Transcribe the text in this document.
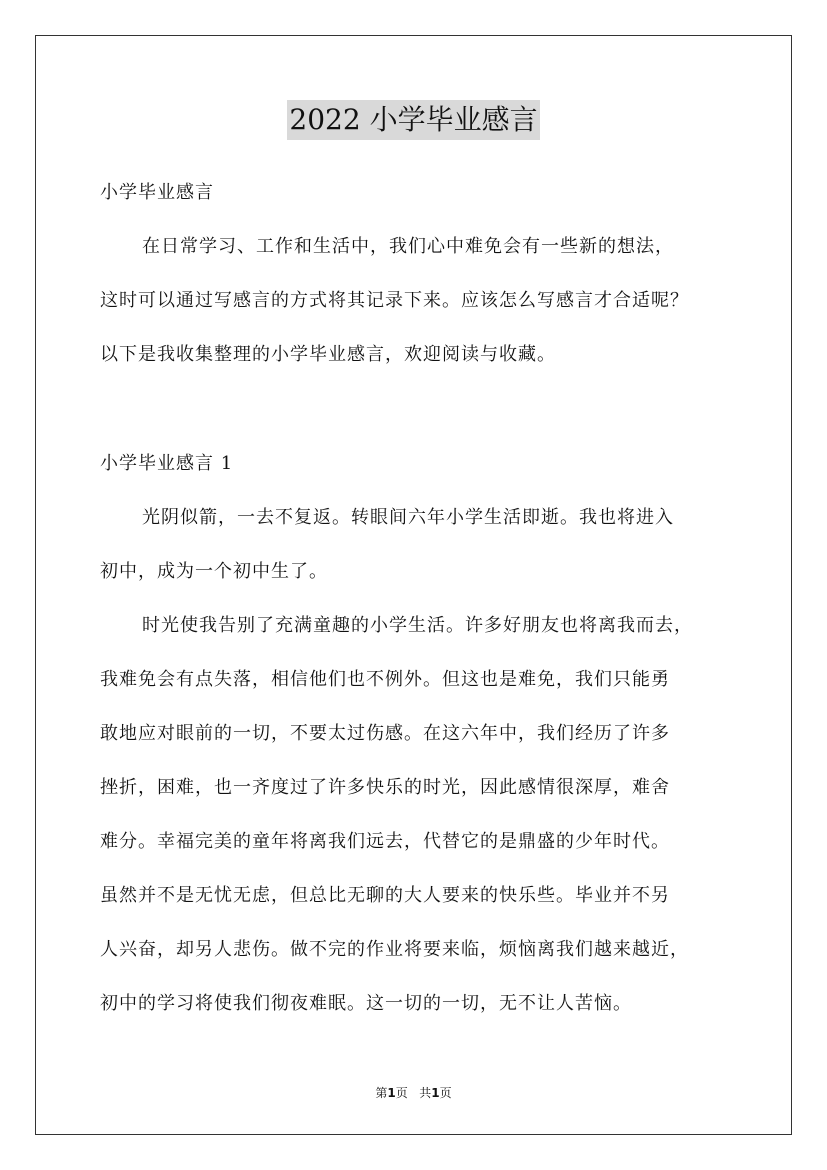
2022 小学毕业感言
小学毕业感言
在日常学习、工作和生活中，我们心中难免会有一些新的想法，
这时可以通过写感言的方式将其记录下来。应该怎么写感言才合适呢？
以下是我收集整理的小学毕业感言，欢迎阅读与收藏。
小学毕业感言 1
光阴似箭，一去不复返。转眼间六年小学生活即逝。我也将进入
初中，成为一个初中生了。
时光使我告别了充满童趣的小学生活。许多好朋友也将离我而去，
我难免会有点失落，相信他们也不例外。但这也是难免，我们只能勇
敢地应对眼前的一切，不要太过伤感。在这六年中，我们经历了许多
挫折，困难，也一齐度过了许多快乐的时光，因此感情很深厚，难舍
难分。幸福完美的童年将离我们远去，代替它的是鼎盛的少年时代。
虽然并不是无忧无虑，但总比无聊的大人要来的快乐些。毕业并不另
人兴奋，却另人悲伤。做不完的作业将要来临，烦恼离我们越来越近，
初中的学习将使我们彻夜难眠。这一切的一切，无不让人苦恼。
第1页 共1页
